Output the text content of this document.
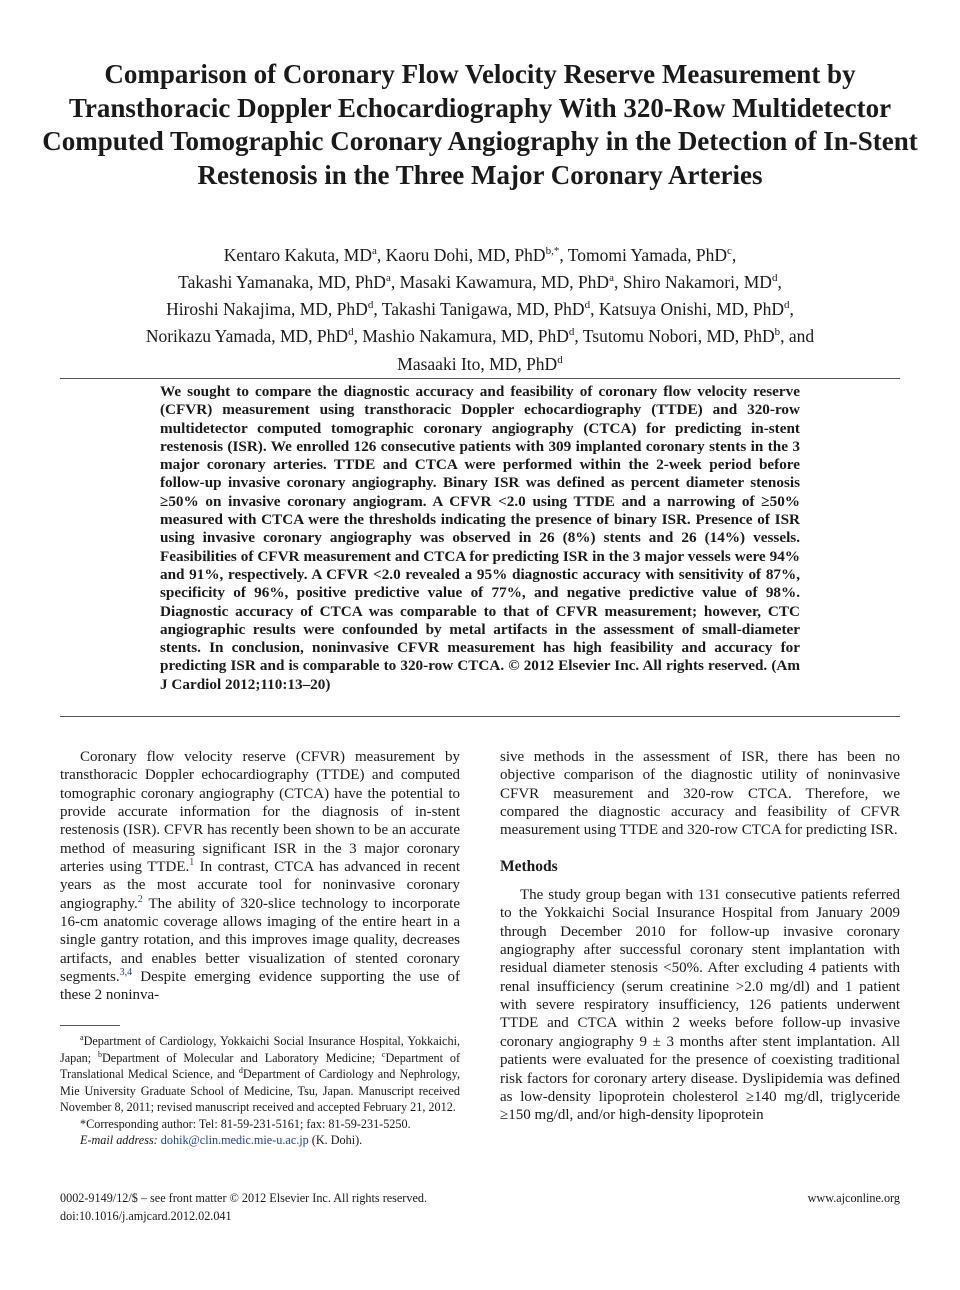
Comparison of Coronary Flow Velocity Reserve Measurement by Transthoracic Doppler Echocardiography With 320-Row Multidetector Computed Tomographic Coronary Angiography in the Detection of In-Stent Restenosis in the Three Major Coronary Arteries
Kentaro Kakuta, $MD^a$, Kaoru Dohi, MD, PhD$^{b,*}$, Tomomi Yamada, PhD$^c$,
Takashi Yamanaka, MD, PhD$^a$, Masaki Kawamura, MD, PhD$^a$, Shiro Nakamori, $MD^d$,
Hiroshi Nakajima, MD, PhD$^d$, Takashi Tanigawa, MD, PhD$^d$, Katsuya Onishi, MD, PhD$^d$,
Norikazu Yamada, MD, PhD$^d$, Mashio Nakamura, MD, PhD$^d$, Tsutomu Nobori, MD, PhD$^b$, and
Masaaki Ito, MD, PhD$^d$

We sought to compare the diagnostic accuracy and feasibility of coronary flow velocity reserve (CFVR) measurement using transthoracic Doppler echocardiography (TTDE) and 320-row multidetector computed tomographic coronary angiography (CTCA) for predicting in-stent restenosis (ISR). We enrolled 126 consecutive patients with 309 implanted coronary stents in the 3 major coronary arteries. TTDE and CTCA were performed within the 2-week period before follow-up invasive coronary angiography. Binary ISR was defined as percent diameter stenosis ≥50% on invasive coronary angiogram. A CFVR <2.0 using TTDE and a narrowing of ≥50% measured with CTCA were the thresholds indicating the presence of binary ISR. Presence of ISR using invasive coronary angiography was observed in 26 (8%) stents and 26 (14%) vessels. Feasibilities of CFVR measurement and CTCA for predicting ISR in the 3 major vessels were 94% and 91%, respectively. A CFVR <2.0 revealed a 95% diagnostic accuracy with sensitivity of 87%, specificity of 96%, positive predictive value of 77%, and negative predictive value of 98%. Diagnostic accuracy of CTCA was comparable to that of CFVR measurement; however, CTC angiographic results were confounded by metal artifacts in the assessment of small-diameter stents. In conclusion, noninvasive CFVR measurement has high feasibility and accuracy for predicting ISR and is comparable to 320-row CTCA. © 2012 Elsevier Inc. All rights reserved. (Am J Cardiol 2012;110:13–20)

Coronary flow velocity reserve (CFVR) measurement by transthoracic Doppler echocardiography (TTDE) and computed tomographic coronary angiography (CTCA) have the potential to provide accurate information for the diagnosis of in-stent restenosis (ISR). CFVR has recently been shown to be an accurate method of measuring significant ISR in the 3 major coronary arteries using TTDE.$^1$ In contrast, CTCA has advanced in recent years as the most accurate tool for noninvasive coronary angiography.$^2$ The ability of 320-slice technology to incorporate 16-cm anatomic coverage allows imaging of the entire heart in a single gantry rotation, and this improves image quality, decreases artifacts, and enables better visualization of stented coronary segments.$^{3,4}$ Despite emerging evidence supporting the use of these 2 noninva-

$^a$Department of Cardiology, Yokkaichi Social Insurance Hospital, Yokkaichi, Japan; $^b$Department of Molecular and Laboratory Medicine; $^c$Department of Translational Medical Science, and $^d$Department of Cardiology and Nephrology, Mie University Graduate School of Medicine, Tsu, Japan. Manuscript received November 8, 2011; revised manuscript received and accepted February 21, 2012.

*Corresponding author: Tel: 81-59-231-5161; fax: 81-59-231-5250.

E-mail address: dohik@clin.medic.mie-u.ac.jp (K. Dohi).

sive methods in the assessment of ISR, there has been no objective comparison of the diagnostic utility of noninvasive CFVR measurement and 320-row CTCA. Therefore, we compared the diagnostic accuracy and feasibility of CFVR measurement using TTDE and 320-row CTCA for predicting ISR.

Methods

The study group began with 131 consecutive patients referred to the Yokkaichi Social Insurance Hospital from January 2009 through December 2010 for follow-up invasive coronary angiography after successful coronary stent implantation with residual diameter stenosis <50%. After excluding 4 patients with renal insufficiency (serum creatinine >2.0 mg/dl) and 1 patient with severe respiratory insufficiency, 126 patients underwent TTDE and CTCA within 2 weeks before follow-up invasive coronary angiography 9 ± 3 months after stent implantation. All patients were evaluated for the presence of coexisting traditional risk factors for coronary artery disease. Dyslipidemia was defined as low-density lipoprotein cholesterol ≥140 mg/dl, triglyceride ≥150 mg/dl, and/or high-density lipoprotein

0002-9149/12/$ – see front matter © 2012 Elsevier Inc. All rights reserved.

doi:10.1016/j.amjcard.2012.02.041

www.ajconline.org
